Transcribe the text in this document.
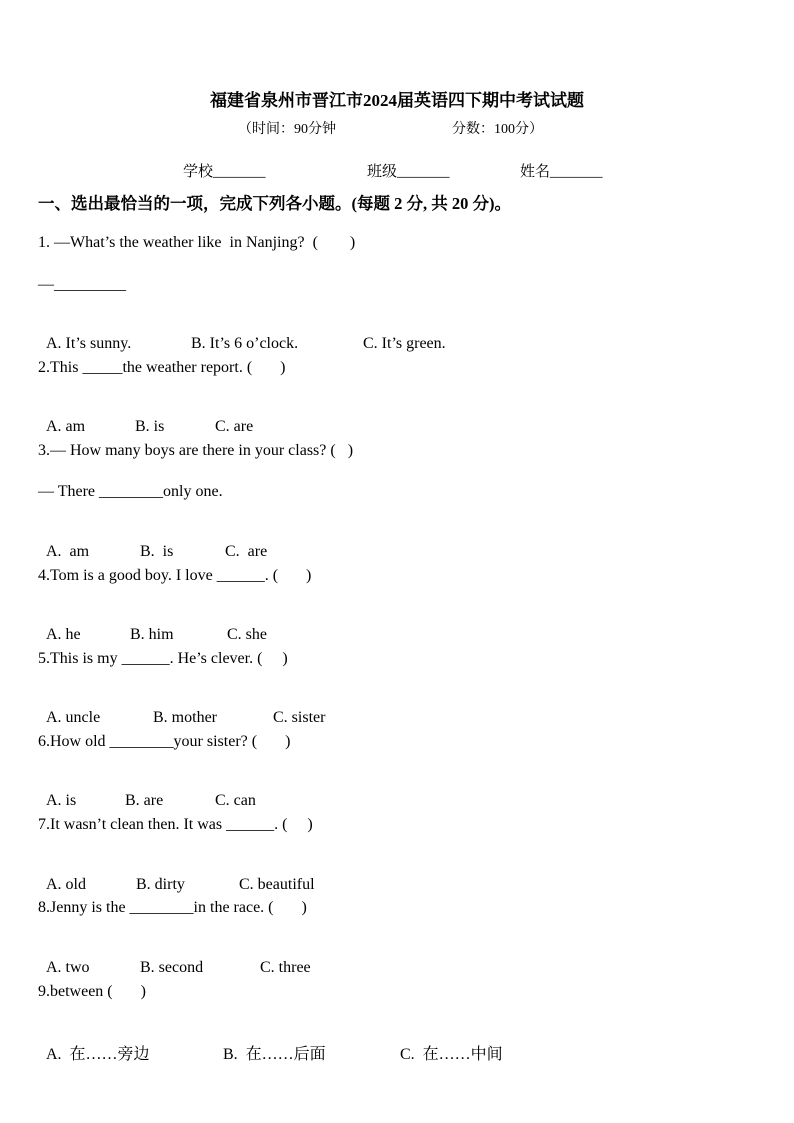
福建省泉州市晋江市2024届英语四下期中考试试题
（时间：90分钟	分数：100分）
学校_______	班级_______	姓名_______
一、选出最恰当的一项，完成下列各小题。(每题 2 分, 共 20 分)。
1. —What’s the weather like  in Nanjing?  (        )
—_________

A. It’s sunny.	B. It’s 6 o’clock.	C. It’s green.

2.This _____the weather report. (       )

A. am	B. is	C. are

3.— How many boys are there in your class? (   )
— There ________only one.

A.  am	B.  is	C.  are

4.Tom is a good boy. I love ______. (       )

A. he	B. him	C. she

5.This is my ______. He’s clever. (     )

A. uncle	B. mother	C. sister

6.How old ________your sister? (       )

A. is	B. are	C. can

7.It wasn’t clean then. It was ______. (     )

A. old	B. dirty	C. beautiful

8.Jenny is the ________in the race. (       )

A. two	B. second	C. three

9.between (       )

A.  在……旁边	B.  在……后面	C.  在……中间
